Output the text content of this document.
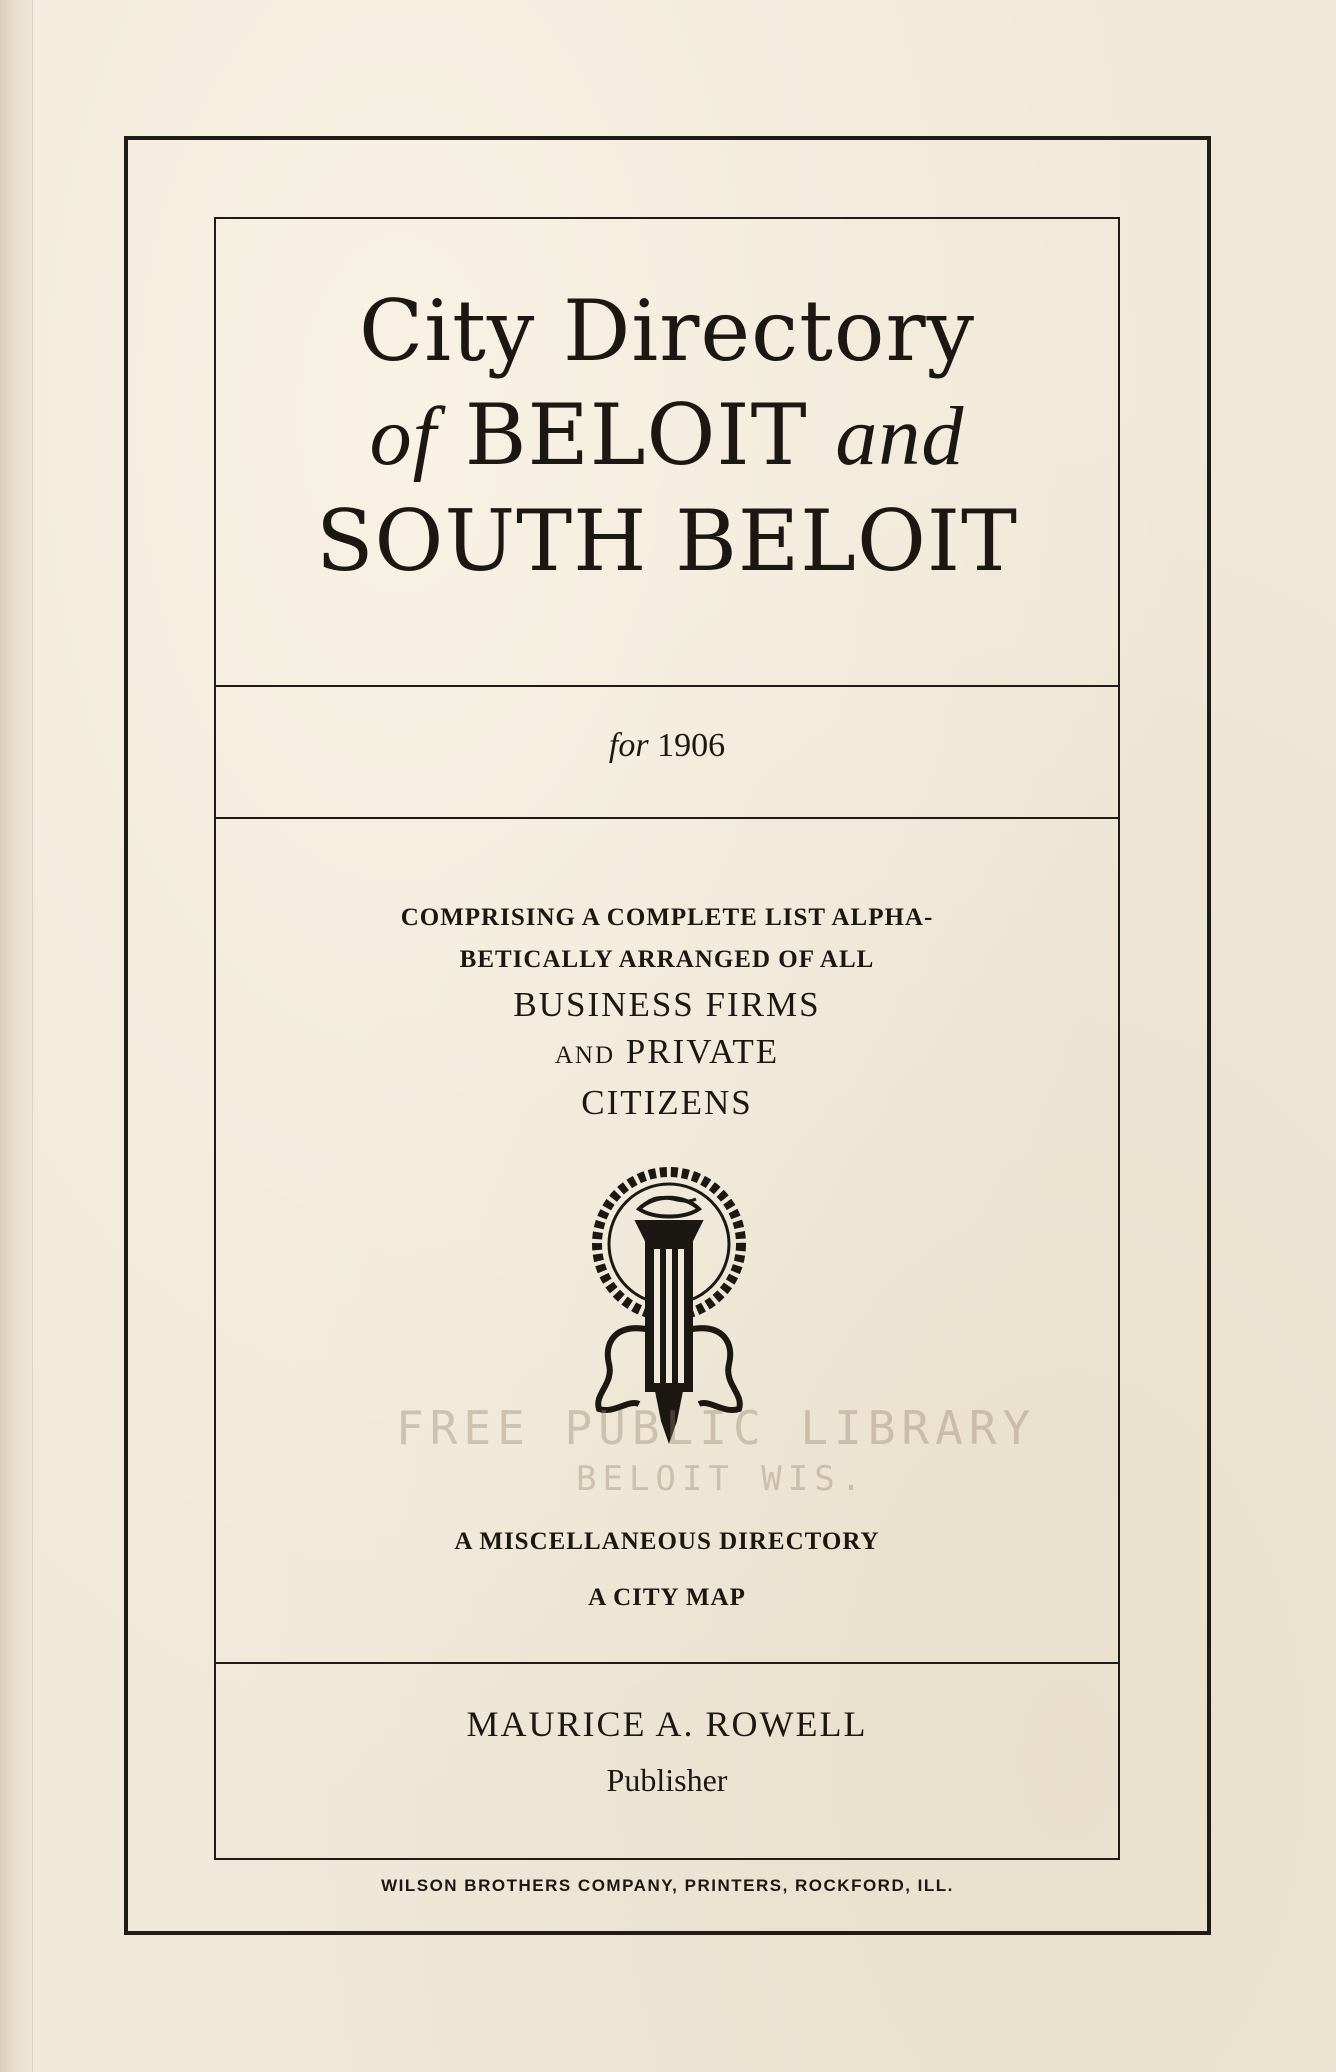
City Directory
of BELOIT and
SOUTH BELOIT
for 1906
COMPRISING A COMPLETE LIST ALPHA-
BETICALLY ARRANGED OF ALL
BUSINESS FIRMS
AND PRIVATE
CITIZENS
FREE PUBLIC LIBRARY
BELOIT WIS.
A MISCELLANEOUS DIRECTORY
A CITY MAP
MAURICE A. ROWELL
Publisher
WILSON BROTHERS COMPANY, PRINTERS, ROCKFORD, ILL.
